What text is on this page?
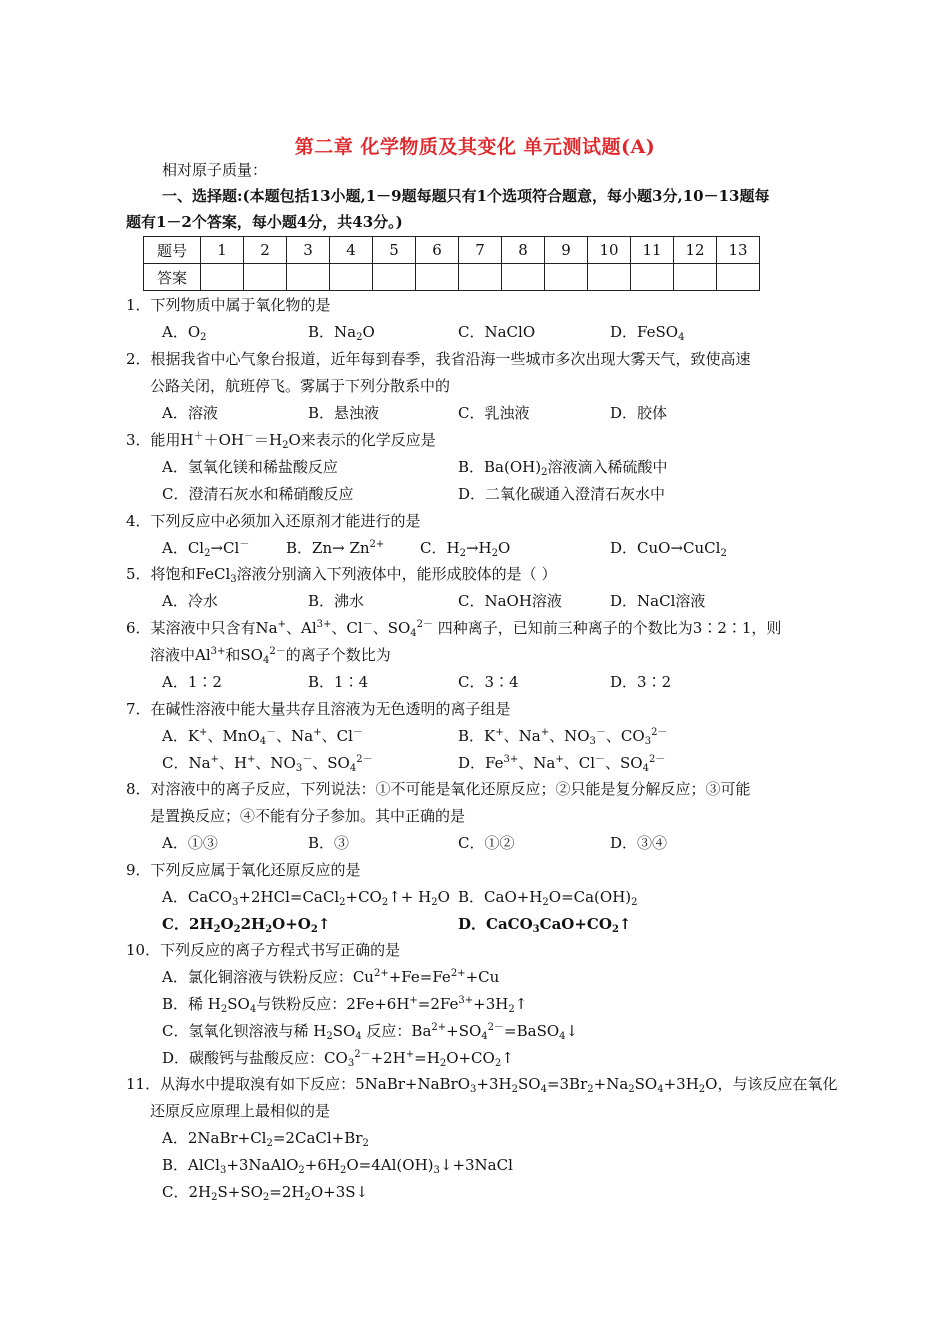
第二章 化学物质及其变化 单元测试题(A)
相对原子质量：
一、选择题:(本题包括13小题,1－9题每题只有1个选项符合题意，每小题3分,10－13题每
题有1－2个答案，每小题4分，共43分。)
题号	1	2	3	4	5	6	7	8	9	10	11	12	13
答案													
1．下列物质中属于氧化物的是
A．$O_2$	B．$Na_2O$	C．NaClO	D．FeSO$_4$
2．根据我省中心气象台报道，近年每到春季，我省沿海一些城市多次出现大雾天气，致使高速
公路关闭，航班停飞。雾属于下列分散系中的
A．溶液	B．悬浊液	C．乳浊液	D．胶体
3．能用$H^++OH^-=H_2O$来表示的化学反应是
A．氢氧化镁和稀盐酸反应	B．$Ba(OH)_2$溶液滴入稀硫酸中
C．澄清石灰水和稀硝酸反应	D．二氧化碳通入澄清石灰水中
4．下列反应中必须加入还原剂才能进行的是
A．$Cl_2\to Cl^-$ B．$Zn\to Zn^{2+}$ C．$H_2\to H_2O$	D．CuO→CuCl$_2$
5．将饱和FeCl$_3$溶液分别滴入下列液体中，能形成胶体的是（ ）
A．冷水	B．沸水	C．NaOH溶液	D．NaCl溶液
6．某溶液中只含有Na+、$Al^{3+}$、Cl－、$SO_4^{2-}$ 四种离子，已知前三种离子的个数比为3∶2∶1，则
溶液中$Al^{3+}$和$SO_4^{2-}$的离子个数比为
A．1∶2	B．1∶4	C．3∶4	D．3∶2
7．在碱性溶液中能大量共存且溶液为无色透明的离子组是
A．K+、MnO$_4$－、Na+、Cl－	B．K+、Na+、$NO_3^-$、$CO_3^{2-}$
C．Na+、H+、$NO_3^-$、$SO_4^{2-}$	D．$Fe^{3+}$、Na+、Cl－、$SO_4^{2-}$
8．对溶液中的离子反应，下列说法：①不可能是氧化还原反应；②只能是复分解反应；③可能
是置换反应；④不能有分子参加。其中正确的是
A．①③	B．③	C．①②	D．③④
9．下列反应属于氧化还原反应的是
A．$CaCO_3+2HCl=CaCl_2+CO_2↑+ H_2O$ B．$CaO+H_2O=Ca(OH)_2$
C．$2H_2O_22H_2O+O_2↑$	D．$CaCO_3CaO+CO_2↑$
10．下列反应的离子方程式书写正确的是
A．氯化铜溶液与铁粉反应：$Cu^{2+}+Fe=Fe^{2+}+Cu$
B．稀 $H_2SO_4$与铁粉反应：$2Fe+6H^+=2Fe^{3+}+3H_2↑$
C．氢氧化钡溶液与稀 $H_2SO_4$ 反应：$Ba^{2+}+SO_4^{2-}=BaSO_4↓$
D．碳酸钙与盐酸反应：$CO_3^{2-}+2H^+=H_2O+CO_2↑$
11．从海水中提取溴有如下反应：$5NaBr+NaBrO_3+3H_2SO_4=3Br_2+Na_2SO_4+3H_2O$，与该反应在氧化
还原反应原理上最相似的是
A．$2NaBr+Cl_2=2CaCl+Br_2$
B．$AlCl_3+3NaAlO_2+6H_2O=4Al(OH)_3↓+3NaCl$
C．$2H_2S+SO_2=2H_2O+3S↓$
